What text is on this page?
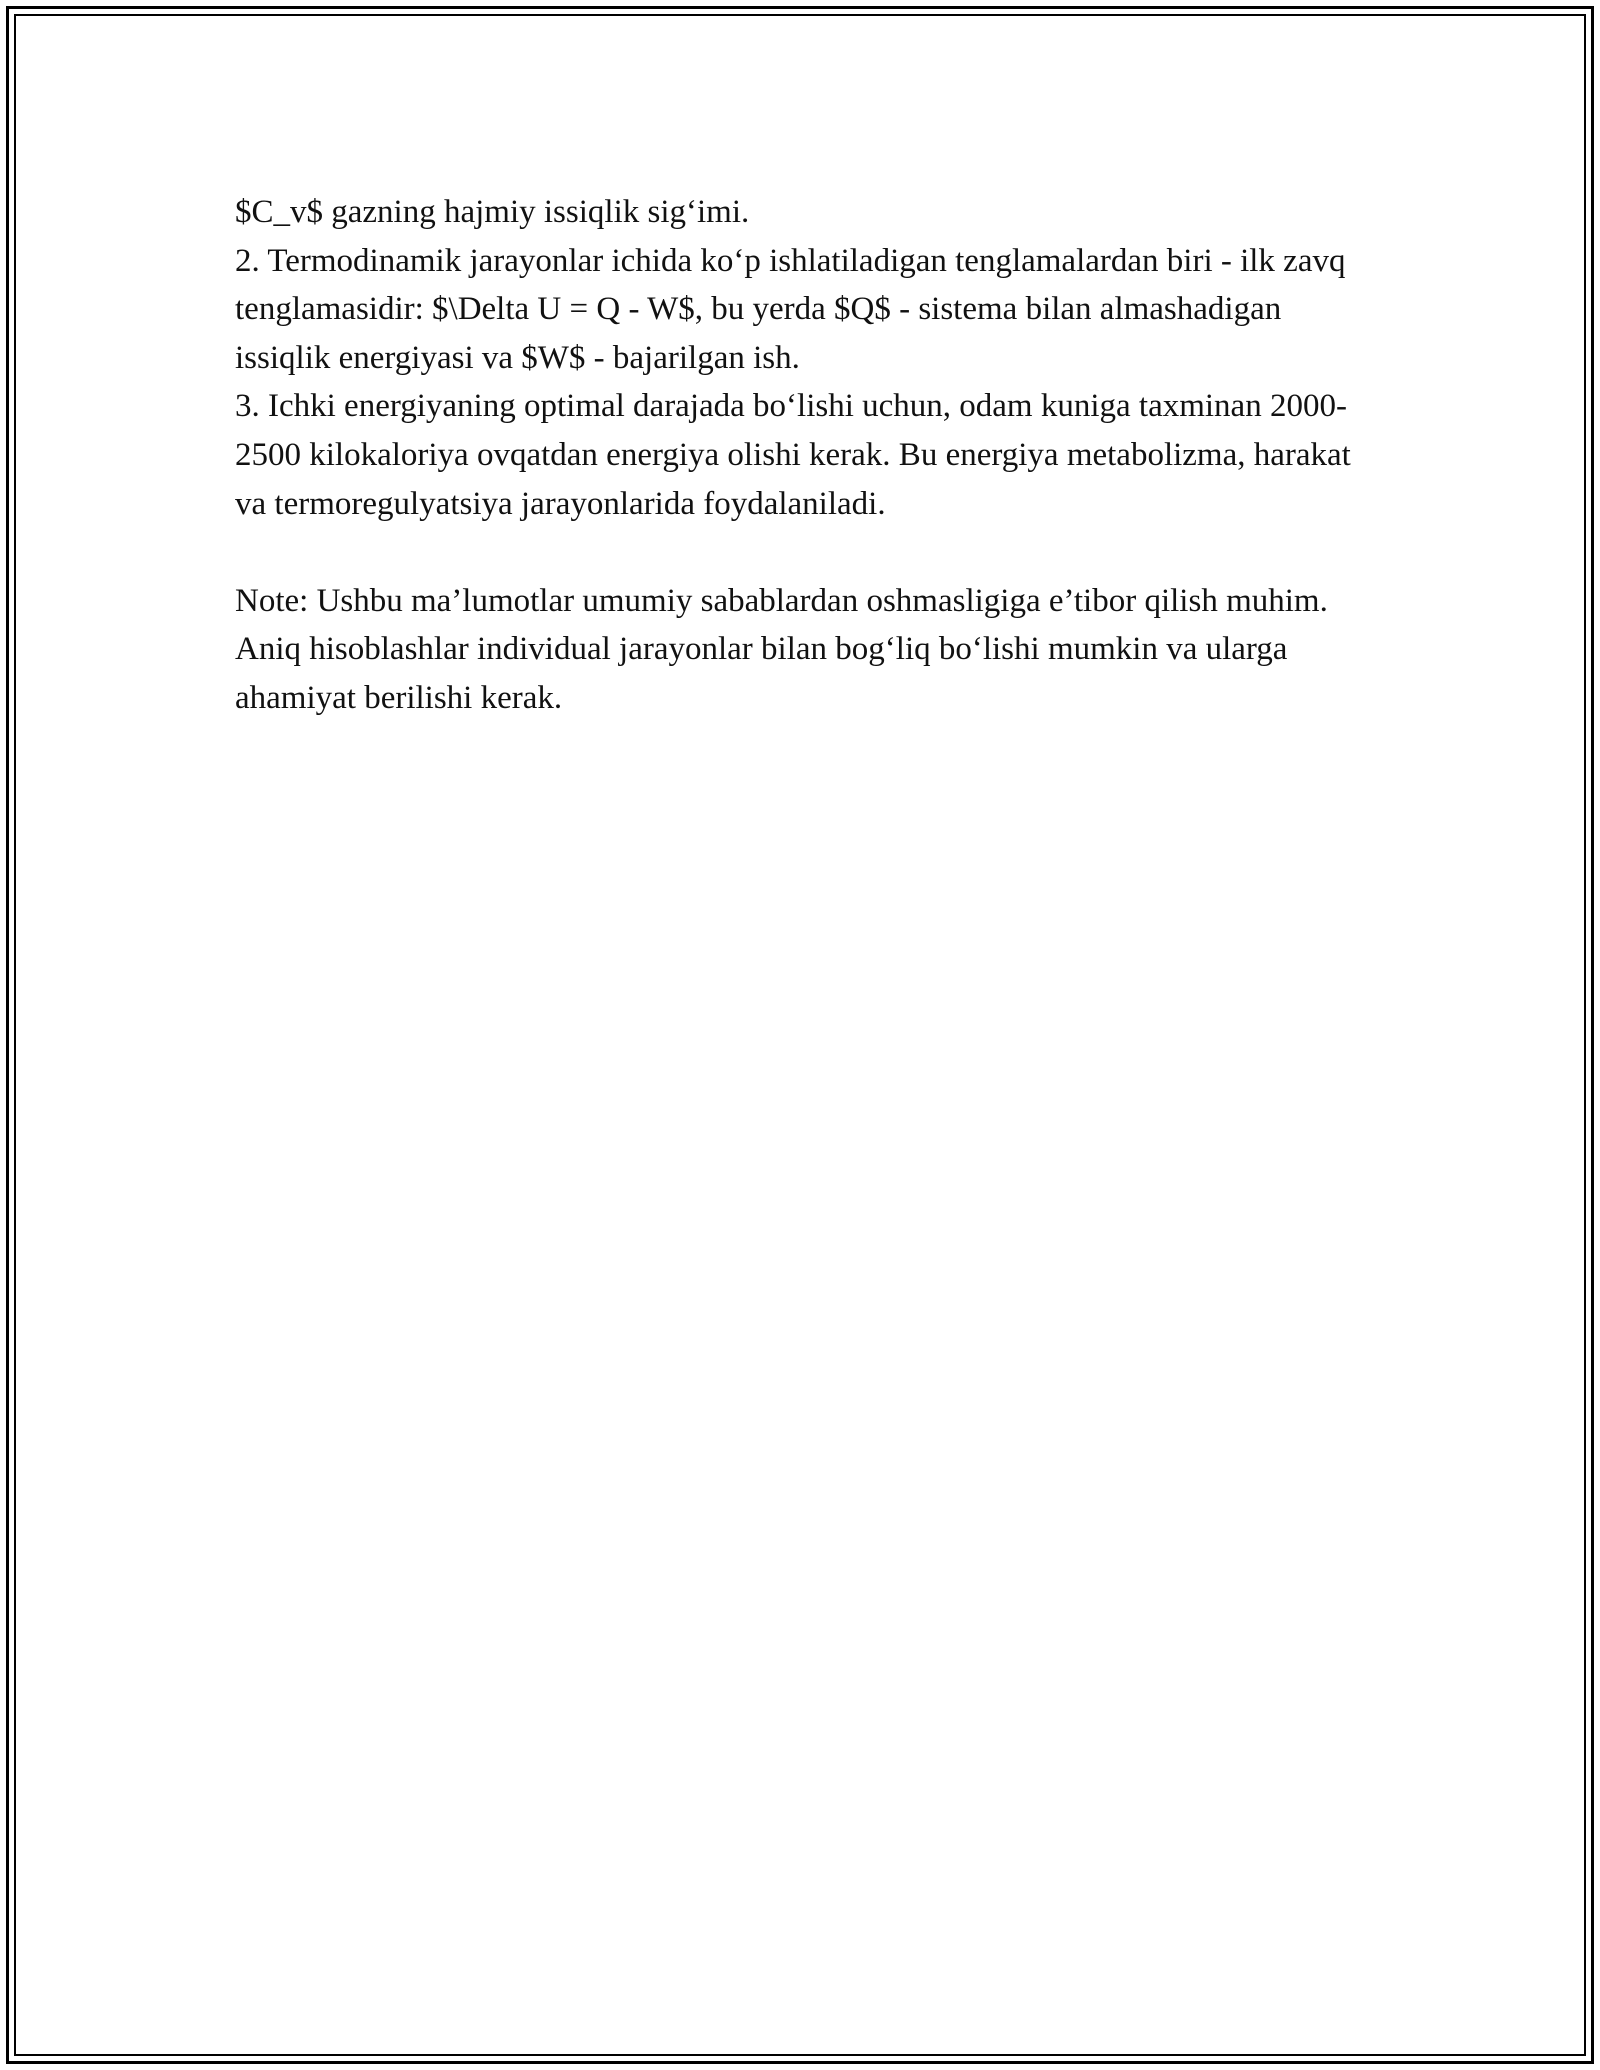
$C_v$ gazning hajmiy issiqlik sig‘imi.

2. Termodinamik jarayonlar ichida ko‘p ishlatiladigan tenglamalardan biri - ilk zavq tenglamasidir: $\Delta U = Q - W$, bu yerda $Q$ - sistema bilan almashadigan issiqlik energiyasi va $W$ - bajarilgan ish.

3. Ichki energiyaning optimal darajada bo‘lishi uchun, odam kuniga taxminan 2000-2500 kilokaloriya ovqatdan energiya olishi kerak. Bu energiya metabolizma, harakat va termoregulyatsiya jarayonlarida foydalaniladi.

Note: Ushbu ma’lumotlar umumiy sabablardan oshmasligiga e’tibor qilish muhim. Aniq hisoblashlar individual jarayonlar bilan bog‘liq bo‘lishi mumkin va ularga ahamiyat berilishi kerak.
